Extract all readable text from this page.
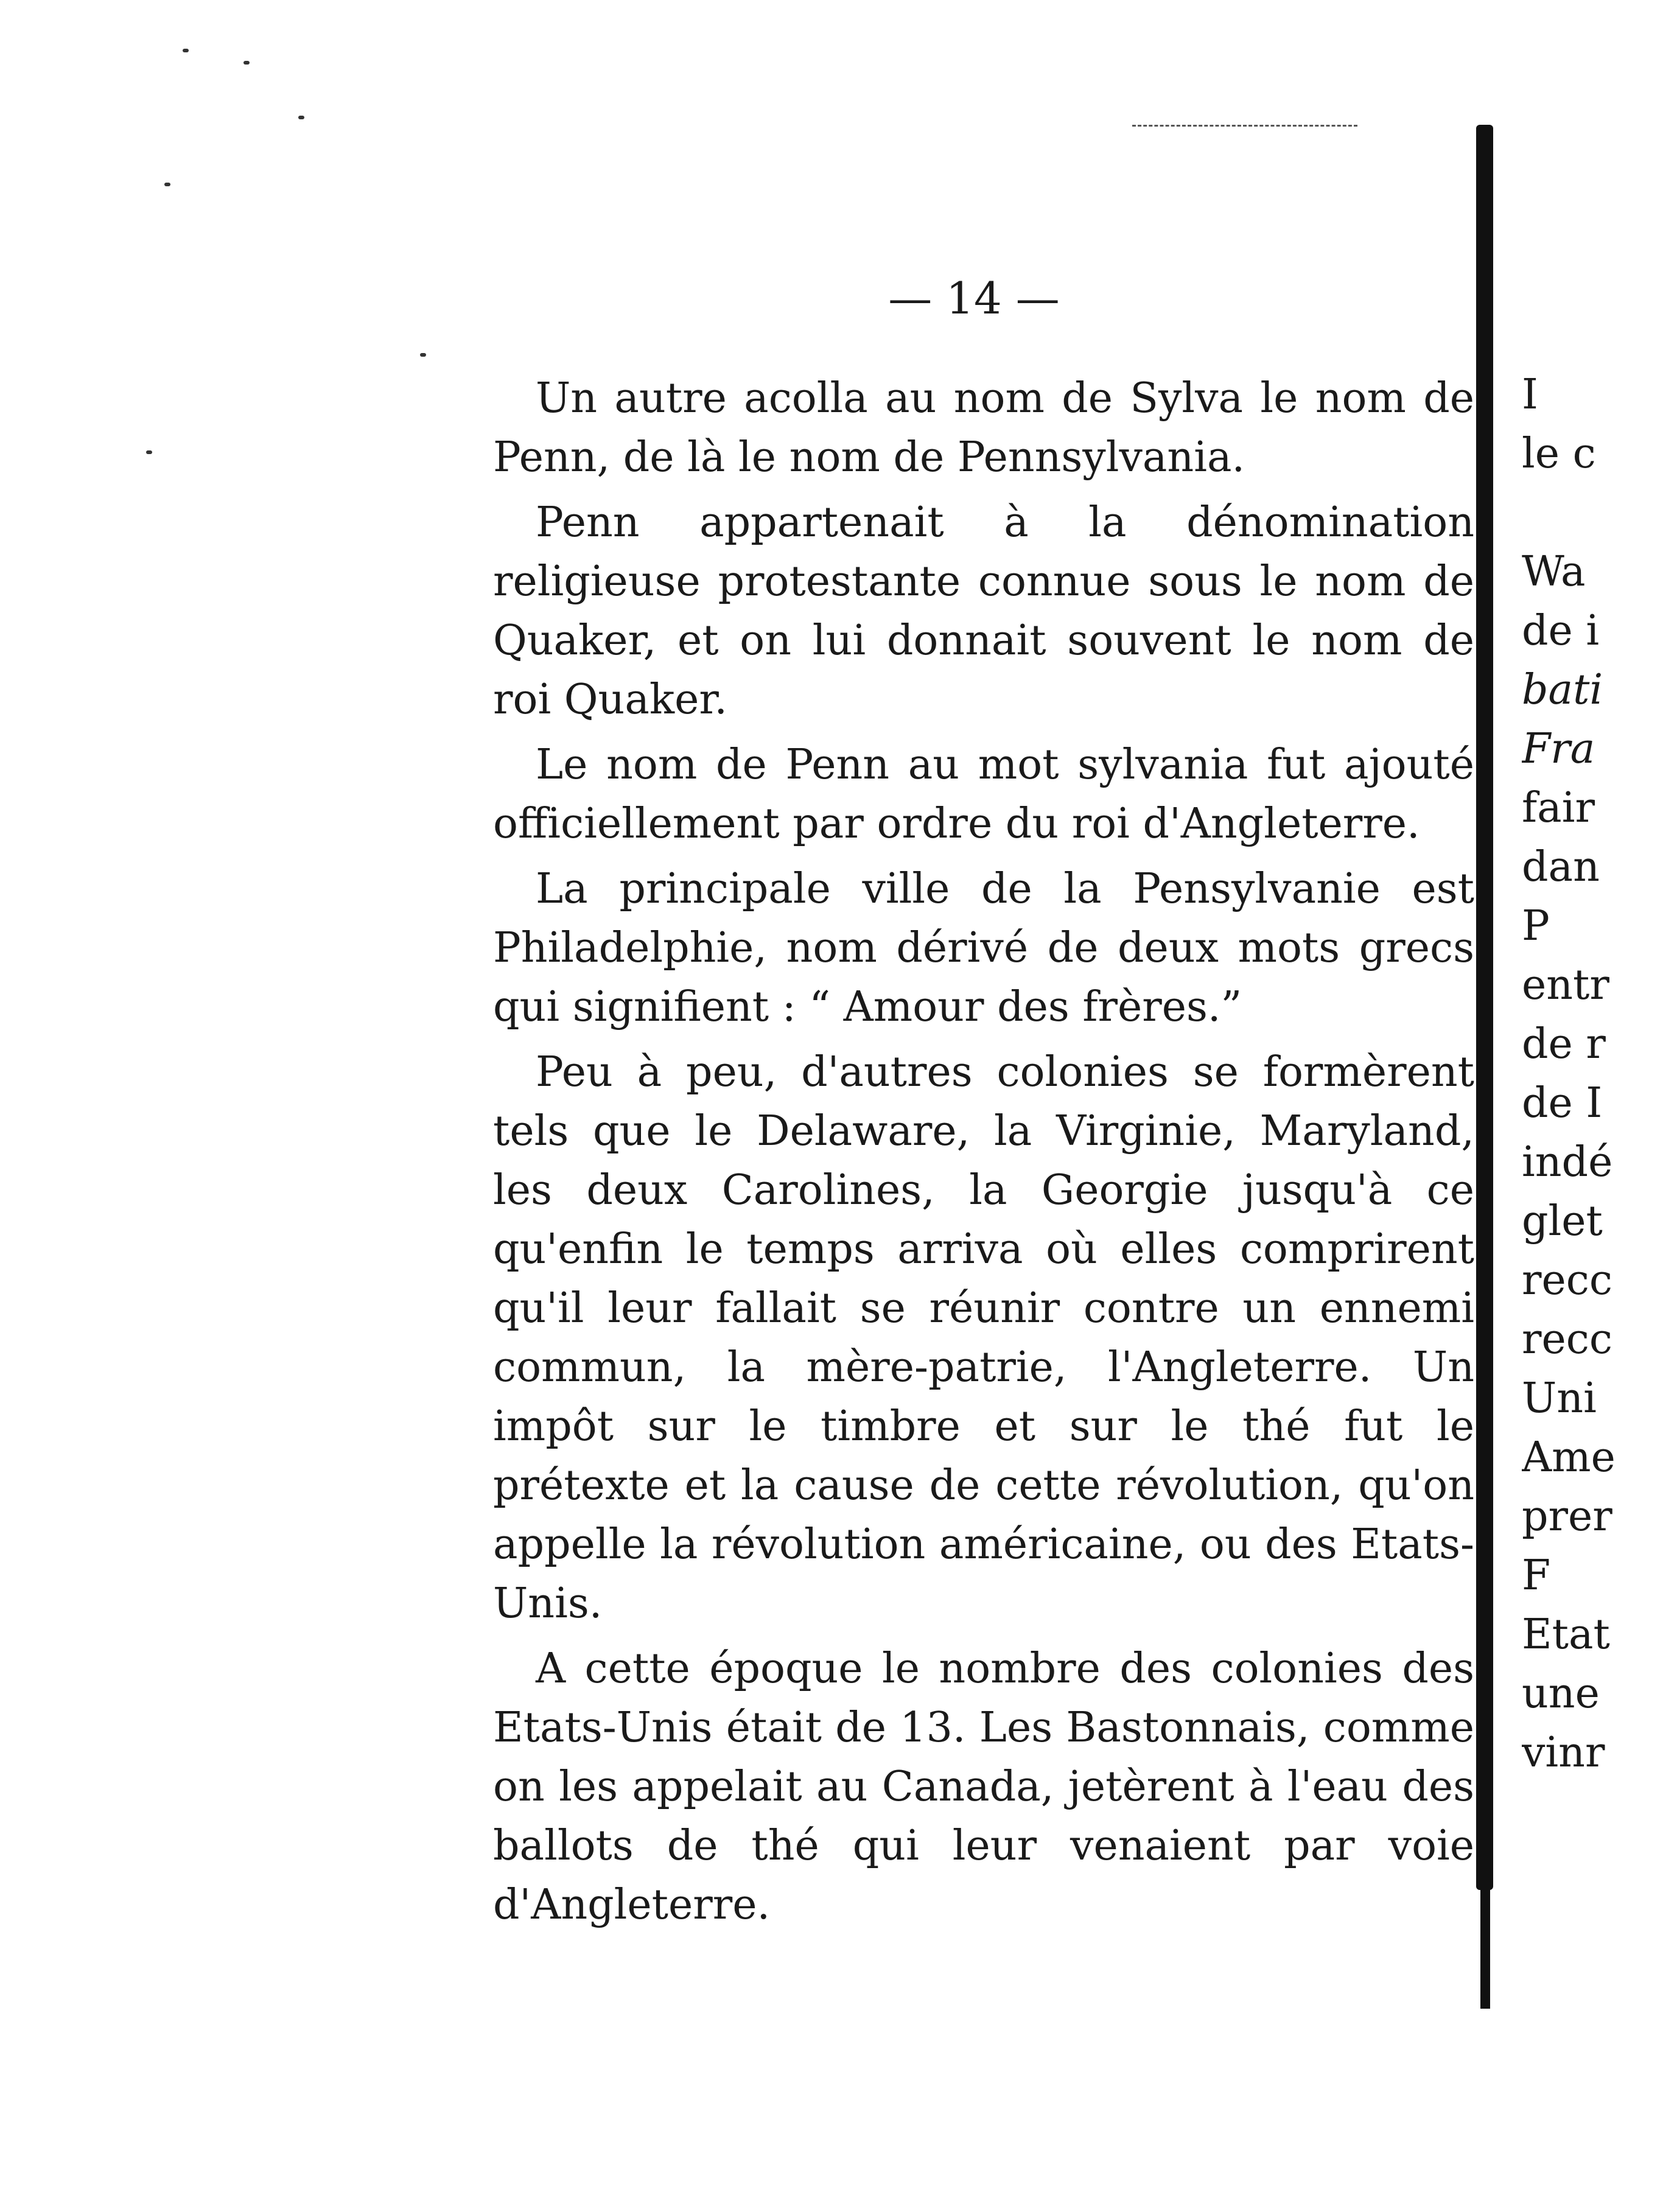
— 14 —

Un autre acolla au nom de Sylva le nom de Penn, de là le nom de Pennsylvania.

Penn appartenait à la dénomination religieuse protestante connue sous le nom de Quaker, et on lui donnait souvent le nom de roi Quaker.

Le nom de Penn au mot sylvania fut ajouté officiellement par ordre du roi d'Angleterre.

La principale ville de la Pensylvanie est Philadelphie, nom dérivé de deux mots grecs qui signifient : “ Amour des frères.”

Peu à peu, d'autres colonies se formèrent tels que le Delaware, la Virginie, Maryland, les deux Carolines, la Georgie jusqu'à ce qu'enfin le temps arriva où elles comprirent qu'il leur fallait se réunir contre un ennemi commun, la mère-patrie, l'Angleterre. Un impôt sur le timbre et sur le thé fut le prétexte et la cause de cette révolution, qu'on appelle la révolution américaine, ou des Etats-Unis.

A cette époque le nombre des colonies des Etats-Unis était de 13. Les Bastonnais, comme on les appelait au Canada, jetèrent à l'eau des ballots de thé qui leur venaient par voie d'Angleterre.

I
le c

Wa
de i
bati
Fra
fair
dan
P
entr
de r
de I
indé
glet
recc
recc
Uni
Ame
prer
F
Etat
une
vinr
